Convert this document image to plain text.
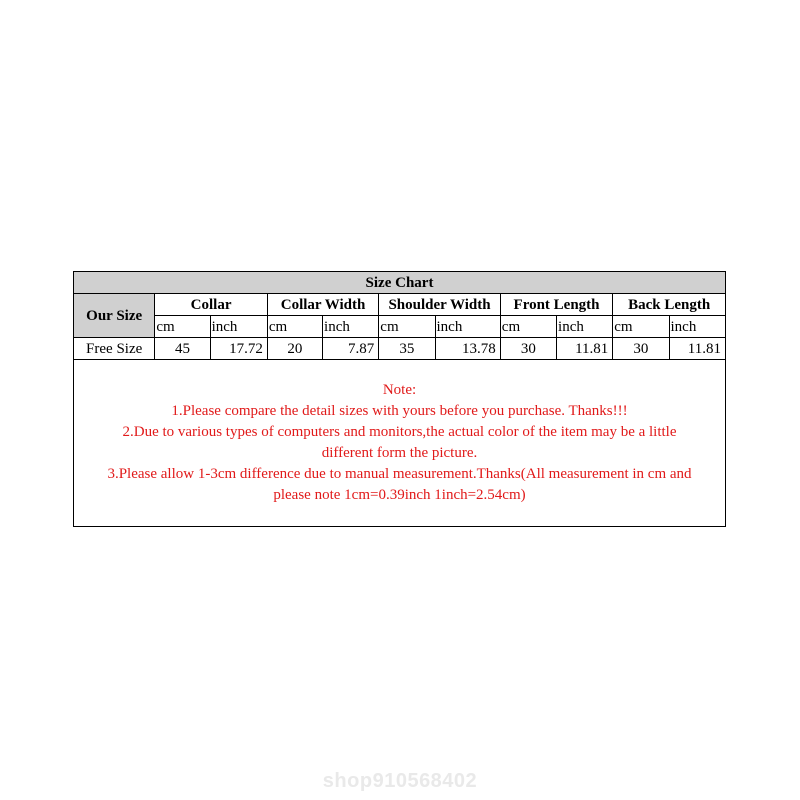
Size Chart										
Our Size	Collar		Collar Width		Shoulder Width		Front Length		Back Length	
	cm	inch	cm	inch	cm	inch	cm	inch	cm	inch
Free Size	45	17.72	20	7.87	35	13.78	30	11.81	30	11.81
Note:
1.Please compare the detail sizes with yours before you purchase. Thanks!!!
2.Due to various types of computers and monitors,the actual color of the item may be a little
different form the picture.
3.Please allow 1-3cm difference due to manual measurement.Thanks(All measurement in cm and
please note 1cm=0.39inch 1inch=2.54cm)
shop910568402
